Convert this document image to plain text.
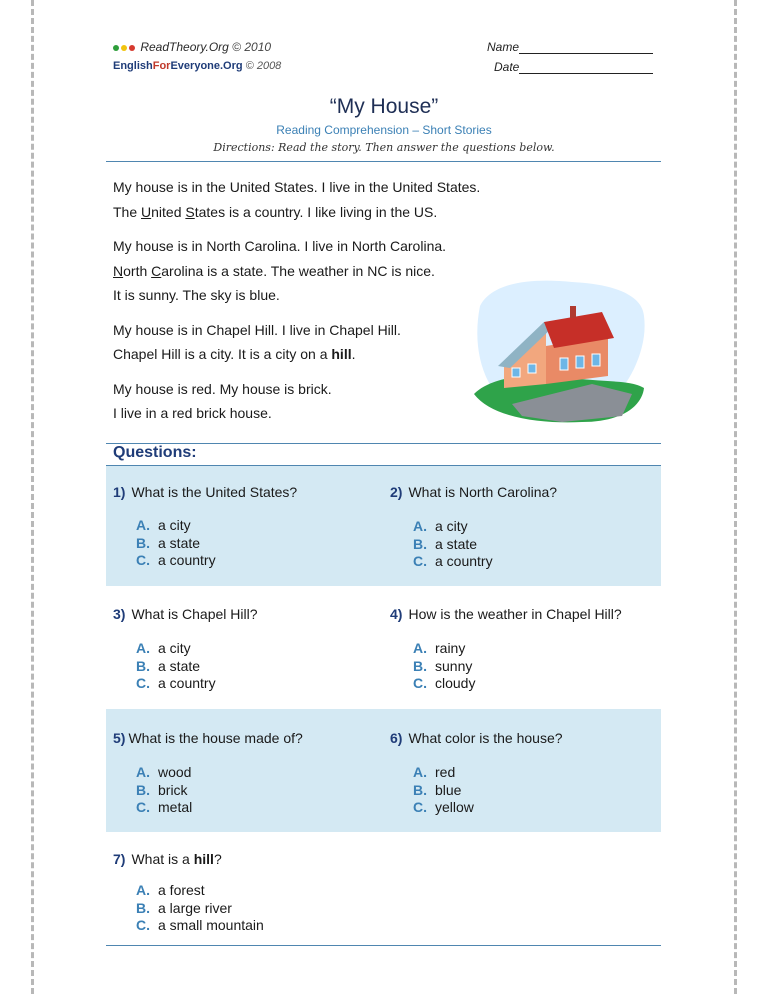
ReadTheory.Org © 2010
EnglishForEveryone.Org © 2008
Name
Date
“My House”
Reading Comprehension – Short Stories
Directions: Read the story. Then answer the questions below.

My house is in the United States. I live in the United States.
The United States is a country. I like living in the US.

My house is in North Carolina. I live in North Carolina.
North Carolina is a state. The weather in NC is nice.
It is sunny. The sky is blue.

My house is in Chapel Hill. I live in Chapel Hill.
Chapel Hill is a city. It is a city on a hill.

My house is red. My house is brick.
I live in a red brick house.

Questions:
1) What is the United States?
A. a city
B. a state
C. a country
2) What is North Carolina?
A. a city
B. a state
C. a country
3) What is Chapel Hill?
A. a city
B. a state
C. a country
4) How is the weather in Chapel Hill?
A. rainy
B. sunny
C. cloudy
5) What is the house made of?
A. wood
B. brick
C. metal
6) What color is the house?
A. red
B. blue
C. yellow
7) What is a hill?
A. a forest
B. a large river
C. a small mountain
